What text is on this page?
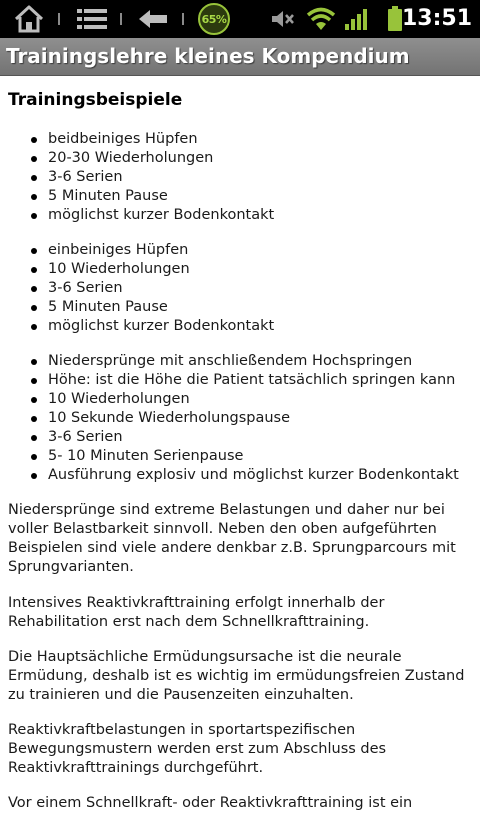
65%	13:51
Trainingslehre kleines Kompendium
Trainingsbeispiele
beidbeiniges Hüpfen
20-30 Wiederholungen
3-6 Serien
5 Minuten Pause
möglichst kurzer Bodenkontakt
einbeiniges Hüpfen
10 Wiederholungen
3-6 Serien
5 Minuten Pause
möglichst kurzer Bodenkontakt
Niedersprünge mit anschließendem Hochspringen
Höhe: ist die Höhe die Patient tatsächlich springen kann
10 Wiederholungen
10 Sekunde Wiederholungspause
3-6 Serien
5- 10 Minuten Serienpause
Ausführung explosiv und möglichst kurzer Bodenkontakt

Niedersprünge sind extreme Belastungen und daher nur bei voller Belastbarkeit sinnvoll. Neben den oben aufgeführten Beispielen sind viele andere denkbar z.B. Sprungparcours mit Sprungvarianten.

Intensives Reaktivkrafttraining erfolgt innerhalb der Rehabilitation erst nach dem Schnellkrafttraining.

Die Hauptsächliche Ermüdungsursache ist die neurale Ermüdung, deshalb ist es wichtig im ermüdungsfreien Zustand zu trainieren und die Pausenzeiten einzuhalten.

Reaktivkraftbelastungen in sportartspezifischen Bewegungsmustern werden erst zum Abschluss des Reaktivkrafttrainings durchgeführt.

Vor einem Schnellkraft- oder Reaktivkrafttraining ist ein
